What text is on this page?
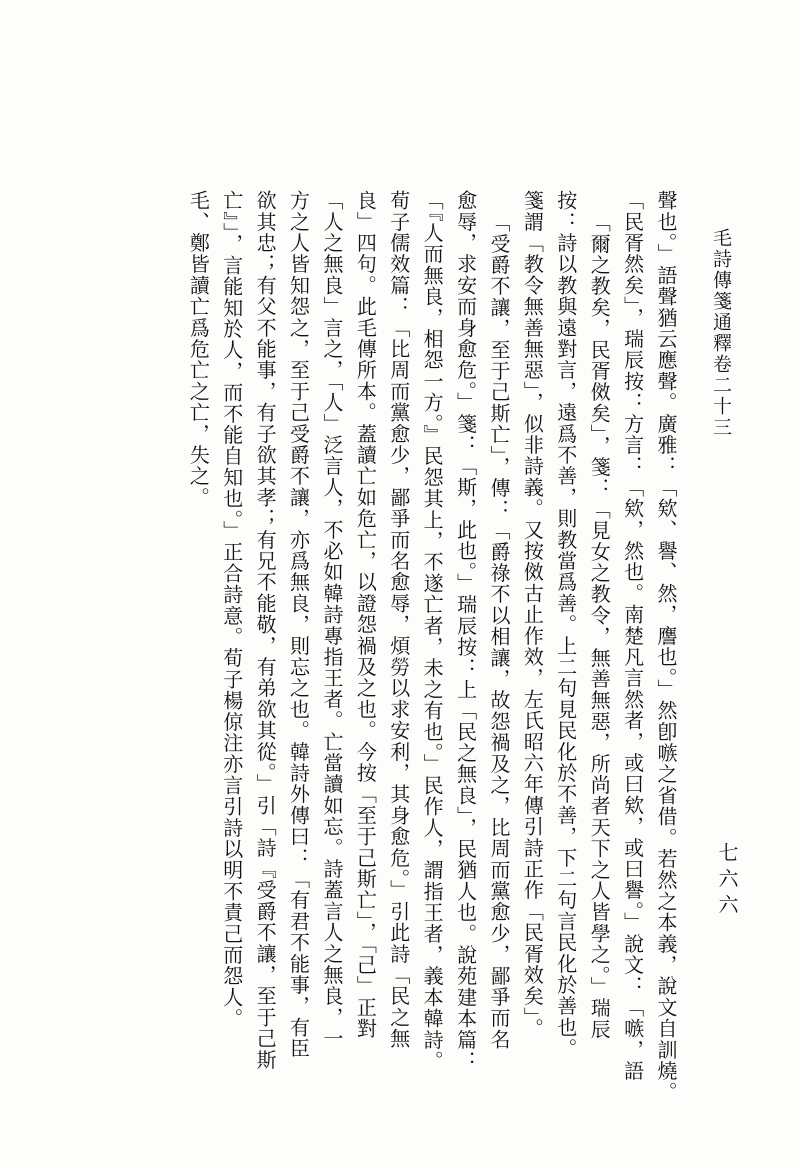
毛詩傳箋通釋卷二十三
聲也。」語聲猶云應聲。廣雅：「欸、譽、然，譍也。」然卽嗾之省借。若然之本義，說文自訓燒。
「民胥然矣」，瑞辰按：方言：「欸，然也。南楚凡言然者，或曰欸，或曰譽。」說文：「嗾，語
「爾之教矣，民胥傚矣」，箋：「見女之教令，無善無惡，所尚者天下之人皆學之。」瑞辰
按：詩以教與遠對言，遠爲不善，則教當爲善。上二句見民化於不善，下二句言民化於善也。
箋謂「教令無善無惡」，似非詩義。又按傚古止作效，左氏昭六年傳引詩正作「民胥效矣」。
「受爵不讓，至于己斯亡」，傳：「爵祿不以相讓，故怨禍及之，比周而黨愈少，鄙爭而名
愈辱，求安而身愈危。」箋：「斯，此也。」瑞辰按：上「民之無良」，民猶人也。說苑建本篇：
「『人而無良，相怨一方。』民怨其上，不遂亡者，未之有也。」民作人，謂指王者，義本韓詩。
荀子儒效篇：「比周而黨愈少，鄙爭而名愈辱，煩勞以求安利，其身愈危。」引此詩「民之無
良」四句。此毛傳所本。蓋讀亡如危亡，以證怨禍及之也。今按「至于己斯亡」，「己」正對
「人之無良」言之，「人」泛言人，不必如韓詩專指王者。亡當讀如忘。詩蓋言人之無良，一
方之人皆知怨之，至于己受爵不讓，亦爲無良，則忘之也。韓詩外傳曰：「有君不能事，有臣
欲其忠；有父不能事，有子欲其孝；有兄不能敬，有弟欲其從。」引「詩『受爵不讓，至于己斯
亡』」，言能知於人，而不能自知也。」正合詩意。荀子楊倞注亦言引詩以明不責己而怨人。
毛、鄭皆讀亡爲危亡之亡，失之。
七六六
